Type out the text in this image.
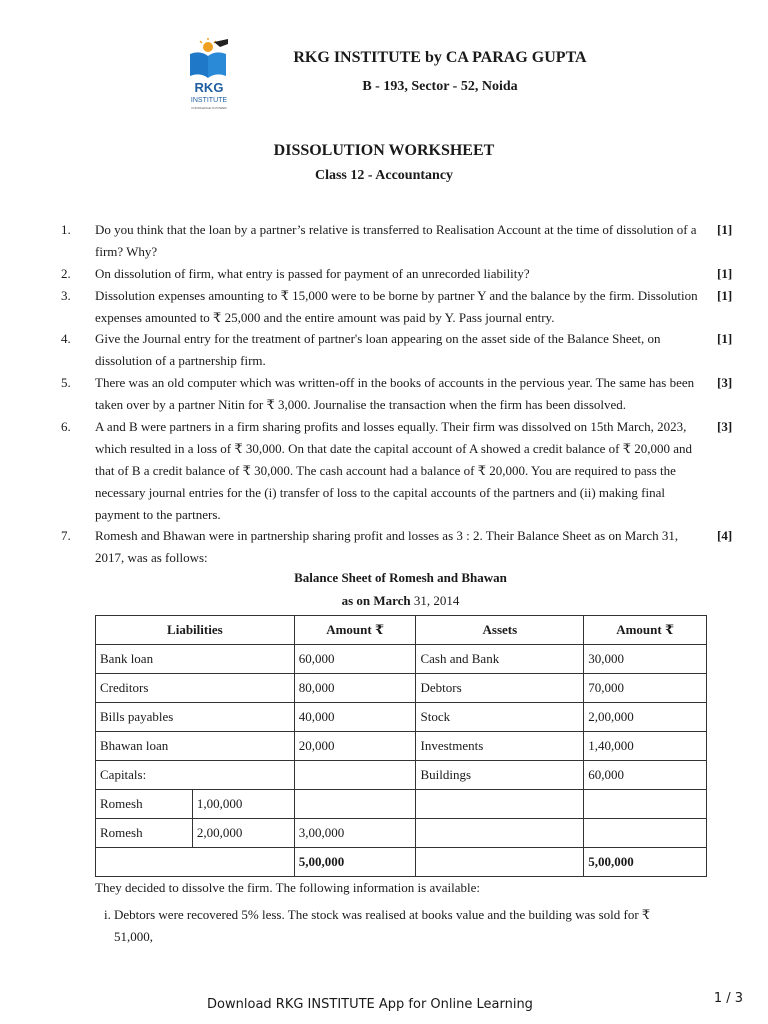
RKG
INSTITUTE
KNOWLEDGE IS POWER
RKG INSTITUTE by CA PARAG GUPTA
B - 193, Sector - 52, Noida
DISSOLUTION WORKSHEET
Class 12 - Accountancy
1. Do you think that the loan by a partner’s relative is transferred to Realisation Account at the time of dissolution of a firm? Why?
[1]
2. On dissolution of firm, what entry is passed for payment of an unrecorded liability?	[1]
3. Dissolution expenses amounting to ₹ 15,000 were to be borne by partner Y and the balance by the firm. Dissolution expenses amounted to ₹ 25,000 and the entire amount was paid by Y. Pass journal entry.
[1]
4. Give the Journal entry for the treatment of partner's loan appearing on the asset side of the Balance Sheet, on dissolution of a partnership firm.
[1]
5. There was an old computer which was written-off in the books of accounts in the pervious year. The same has been taken over by a partner Nitin for ₹ 3,000. Journalise the transaction when the firm has been dissolved.
[3]
6. A and B were partners in a firm sharing profits and losses equally. Their firm was dissolved on 15th March, 2023, which resulted in a loss of ₹ 30,000. On that date the capital account of A showed a credit balance of ₹ 20,000 and that of B a credit balance of ₹ 30,000. The cash account had a balance of ₹ 20,000. You are required to pass the necessary journal entries for the (i) transfer of loss to the capital accounts of the partners and (ii) making final payment to the partners.
[3]
7. Romesh and Bhawan were in partnership sharing profit and losses as 3 : 2. Their Balance Sheet as on March 31, 2017, was as follows:
[4]
Balance Sheet of Romesh and Bhawan
as on March 31, 2014
Liabilities		Amount ₹	Assets	Amount ₹
Bank loan		60,000	Cash and Bank	30,000
Creditors		80,000	Debtors	70,000
Bills payables		40,000	Stock	2,00,000
Bhawan loan		20,000	Investments	1,40,000
Capitals:			Buildings	60,000
Romesh	1,00,000			
Romesh	2,00,000	3,00,000		
		5,00,000		5,00,000
They decided to dissolve the firm. The following information is available:
i. Debtors were recovered 5% less. The stock was realised at books value and the building was sold for ₹ 51,000,
Download RKG INSTITUTE App for Online Learning	1 / 3
